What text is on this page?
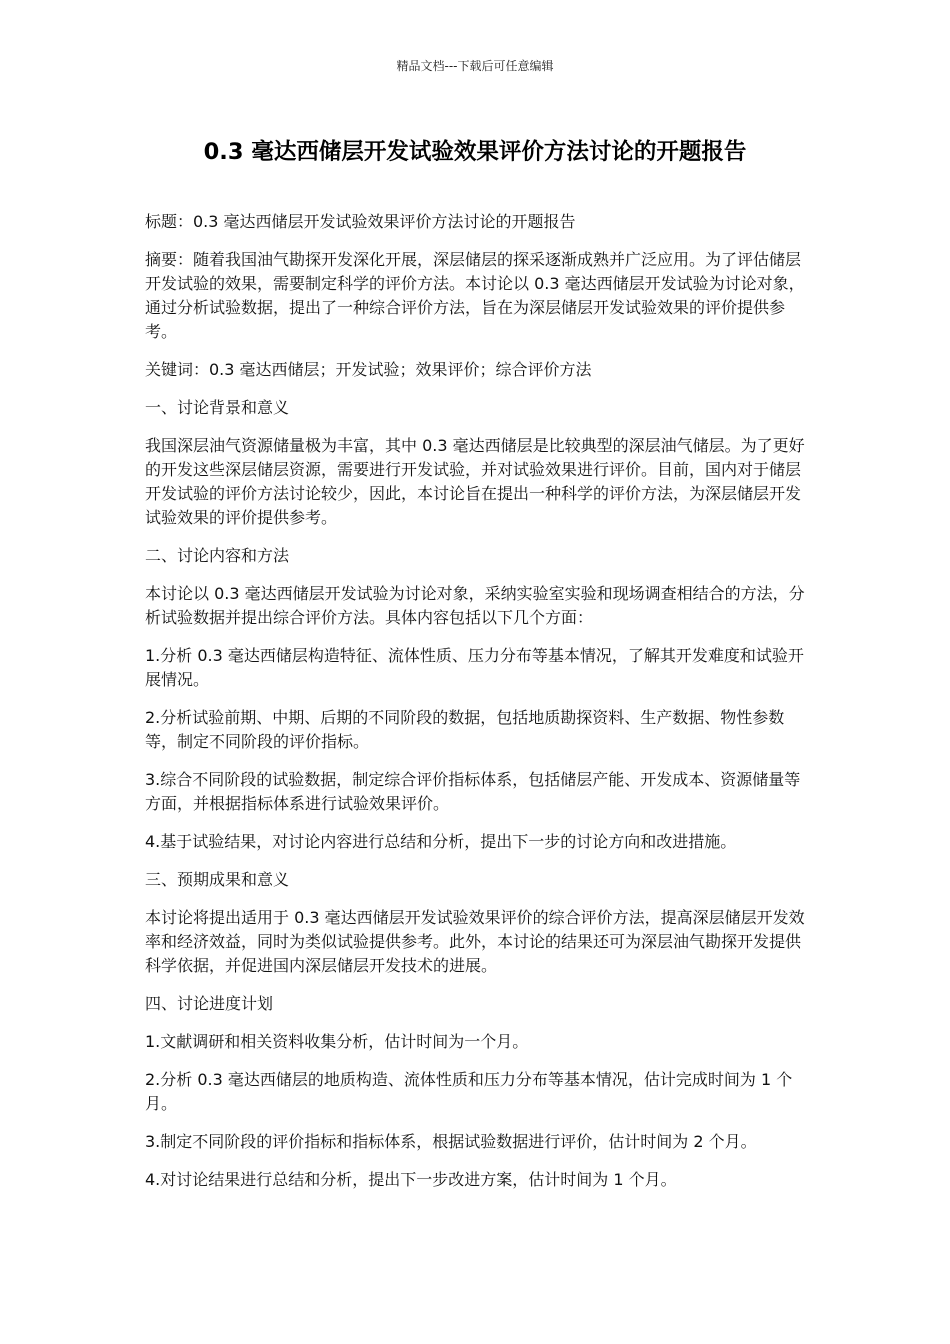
精品文档---下载后可任意编辑
0.3 毫达西储层开发试验效果评价方法讨论的开题报告

标题：0.3 毫达西储层开发试验效果评价方法讨论的开题报告

摘要：随着我国油气勘探开发深化开展，深层储层的探采逐渐成熟并广泛应用。为了评估储层开发试验的效果，需要制定科学的评价方法。本讨论以 0.3 毫达西储层开发试验为讨论对象，通过分析试验数据，提出了一种综合评价方法，旨在为深层储层开发试验效果的评价提供参考。

关键词：0.3 毫达西储层；开发试验；效果评价；综合评价方法

一、讨论背景和意义

我国深层油气资源储量极为丰富，其中 0.3 毫达西储层是比较典型的深层油气储层。为了更好的开发这些深层储层资源，需要进行开发试验，并对试验效果进行评价。目前，国内对于储层开发试验的评价方法讨论较少，因此，本讨论旨在提出一种科学的评价方法，为深层储层开发试验效果的评价提供参考。

二、讨论内容和方法

本讨论以 0.3 毫达西储层开发试验为讨论对象，采纳实验室实验和现场调查相结合的方法，分析试验数据并提出综合评价方法。具体内容包括以下几个方面：

1.分析 0.3 毫达西储层构造特征、流体性质、压力分布等基本情况，了解其开发难度和试验开展情况。

2.分析试验前期、中期、后期的不同阶段的数据，包括地质勘探资料、生产数据、物性参数等，制定不同阶段的评价指标。

3.综合不同阶段的试验数据，制定综合评价指标体系，包括储层产能、开发成本、资源储量等方面，并根据指标体系进行试验效果评价。

4.基于试验结果，对讨论内容进行总结和分析，提出下一步的讨论方向和改进措施。

三、预期成果和意义

本讨论将提出适用于 0.3 毫达西储层开发试验效果评价的综合评价方法，提高深层储层开发效率和经济效益，同时为类似试验提供参考。此外，本讨论的结果还可为深层油气勘探开发提供科学依据，并促进国内深层储层开发技术的进展。

四、讨论进度计划

1.文献调研和相关资料收集分析，估计时间为一个月。

2.分析 0.3 毫达西储层的地质构造、流体性质和压力分布等基本情况，估计完成时间为 1 个月。

3.制定不同阶段的评价指标和指标体系，根据试验数据进行评价，估计时间为 2 个月。

4.对讨论结果进行总结和分析，提出下一步改进方案，估计时间为 1 个月。
